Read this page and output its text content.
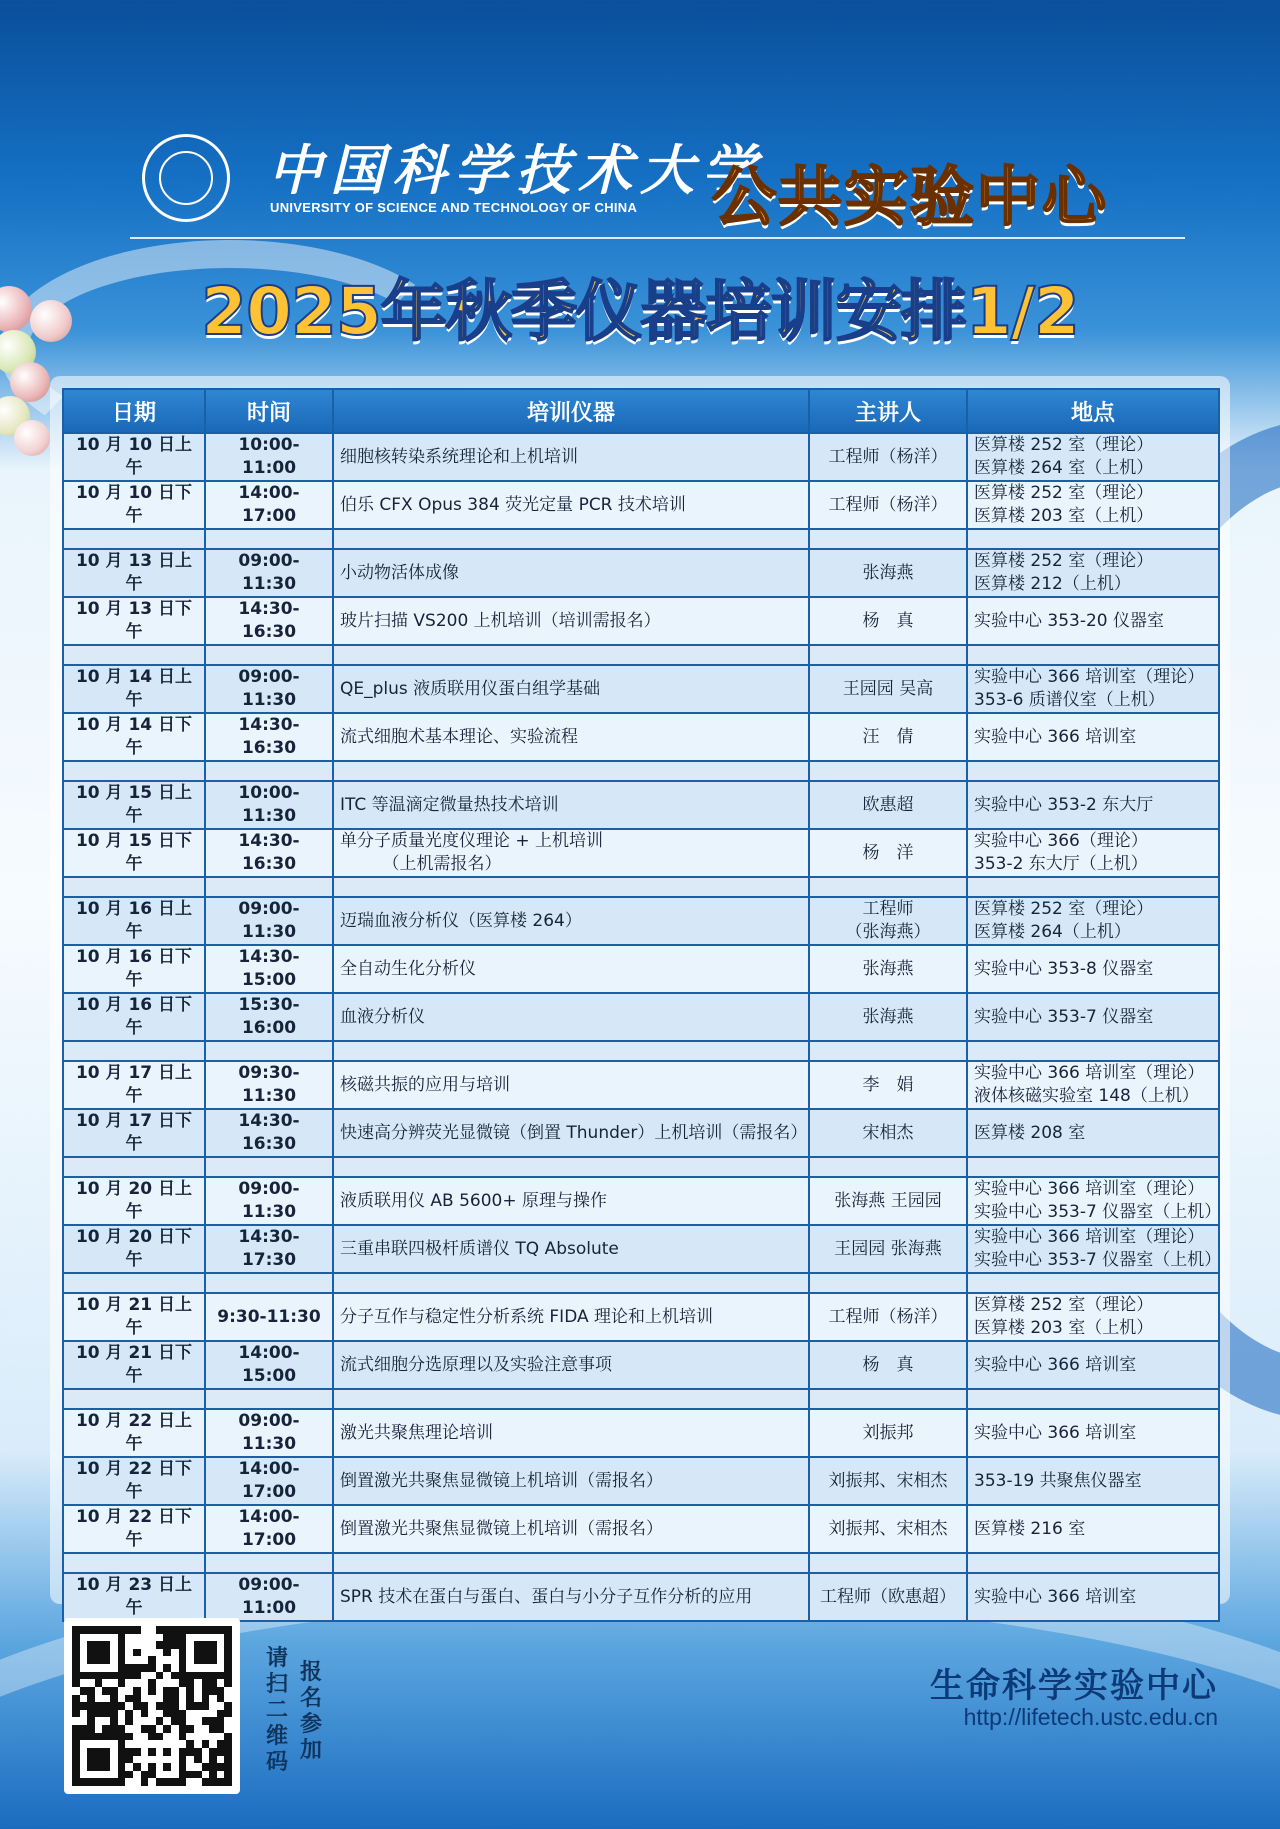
中国科学技术大学
UNIVERSITY OF SCIENCE AND TECHNOLOGY OF CHINA 公共实验中心
2025年秋季仪器培训安排1/2
日期	时间	培训仪器	主讲人	地点
10 月 10 日上午	10:00-11:00	细胞核转染系统理论和上机培训	工程师（杨洋）	医算楼 252 室（理论）
医算楼 264 室（上机）

10 月 10 日下午	14:00-17:00	伯乐 CFX Opus 384 荧光定量 PCR 技术培训	工程师（杨洋）	医算楼 252 室（理论）
医算楼 203 室（上机）

10 月 13 日上午	09:00-11:30	小动物活体成像	张海燕	医算楼 252 室（理论）
医算楼 212（上机）

10 月 13 日下午	14:30-16:30	玻片扫描 VS200 上机培训（培训需报名）	杨　真	实验中心 353-20 仪器室

10 月 14 日上午	09:00-11:30	QE_plus 液质联用仪蛋白组学基础	王园园 吴高	实验中心 366 培训室（理论）
353-6 质谱仪室（上机）

10 月 14 日下午	14:30-16:30	流式细胞术基本理论、实验流程	汪　倩	实验中心 366 培训室

10 月 15 日上午	10:00-11:30	ITC 等温滴定微量热技术培训	欧惠超	实验中心 353-2 东大厅

10 月 15 日下午	14:30-16:30	单分子质量光度仪理论 + 上机培训
　　　（上机需报名）	杨　洋	实验中心 366（理论）
353-2 东大厅（上机）

10 月 16 日上午	09:00-11:30	迈瑞血液分析仪（医算楼 264）	工程师
（张海燕）	医算楼 252 室（理论）
医算楼 264（上机）

10 月 16 日下午	14:30-15:00	全自动生化分析仪	张海燕	实验中心 353-8 仪器室

10 月 16 日下午	15:30-16:00	血液分析仪	张海燕	实验中心 353-7 仪器室

10 月 17 日上午	09:30-11:30	核磁共振的应用与培训	李　娟	实验中心 366 培训室（理论）
液体核磁实验室 148（上机）

10 月 17 日下午	14:30-16:30	快速高分辨荧光显微镜（倒置 Thunder）上机培训（需报名）	宋相杰	医算楼 208 室

10 月 20 日上午	09:00-11:30	液质联用仪 AB 5600+ 原理与操作	张海燕 王园园	实验中心 366 培训室（理论）
实验中心 353-7 仪器室（上机）

10 月 20 日下午	14:30-17:30	三重串联四极杆质谱仪 TQ Absolute	王园园 张海燕	实验中心 366 培训室（理论）
实验中心 353-7 仪器室（上机）

10 月 21 日上午	9:30-11:30	分子互作与稳定性分析系统 FIDA 理论和上机培训	工程师（杨洋）	医算楼 252 室（理论）
医算楼 203 室（上机）

10 月 21 日下午	14:00-15:00	流式细胞分选原理以及实验注意事项	杨　真	实验中心 366 培训室

10 月 22 日上午	09:00-11:30	激光共聚焦理论培训	刘振邦	实验中心 366 培训室

10 月 22 日下午	14:00-17:00	倒置激光共聚焦显微镜上机培训（需报名）	刘振邦、宋相杰	353-19 共聚焦仪器室

10 月 22 日下午	14:00-17:00	倒置激光共聚焦显微镜上机培训（需报名）	刘振邦、宋相杰	医算楼 216 室

10 月 23 日上午	09:00-11:00	SPR 技术在蛋白与蛋白、蛋白与小分子互作分析的应用	工程师（欧惠超）	实验中心 366 培训室
请扫二维码
报名参加
生命科学实验中心
http://lifetech.ustc.edu.cn
